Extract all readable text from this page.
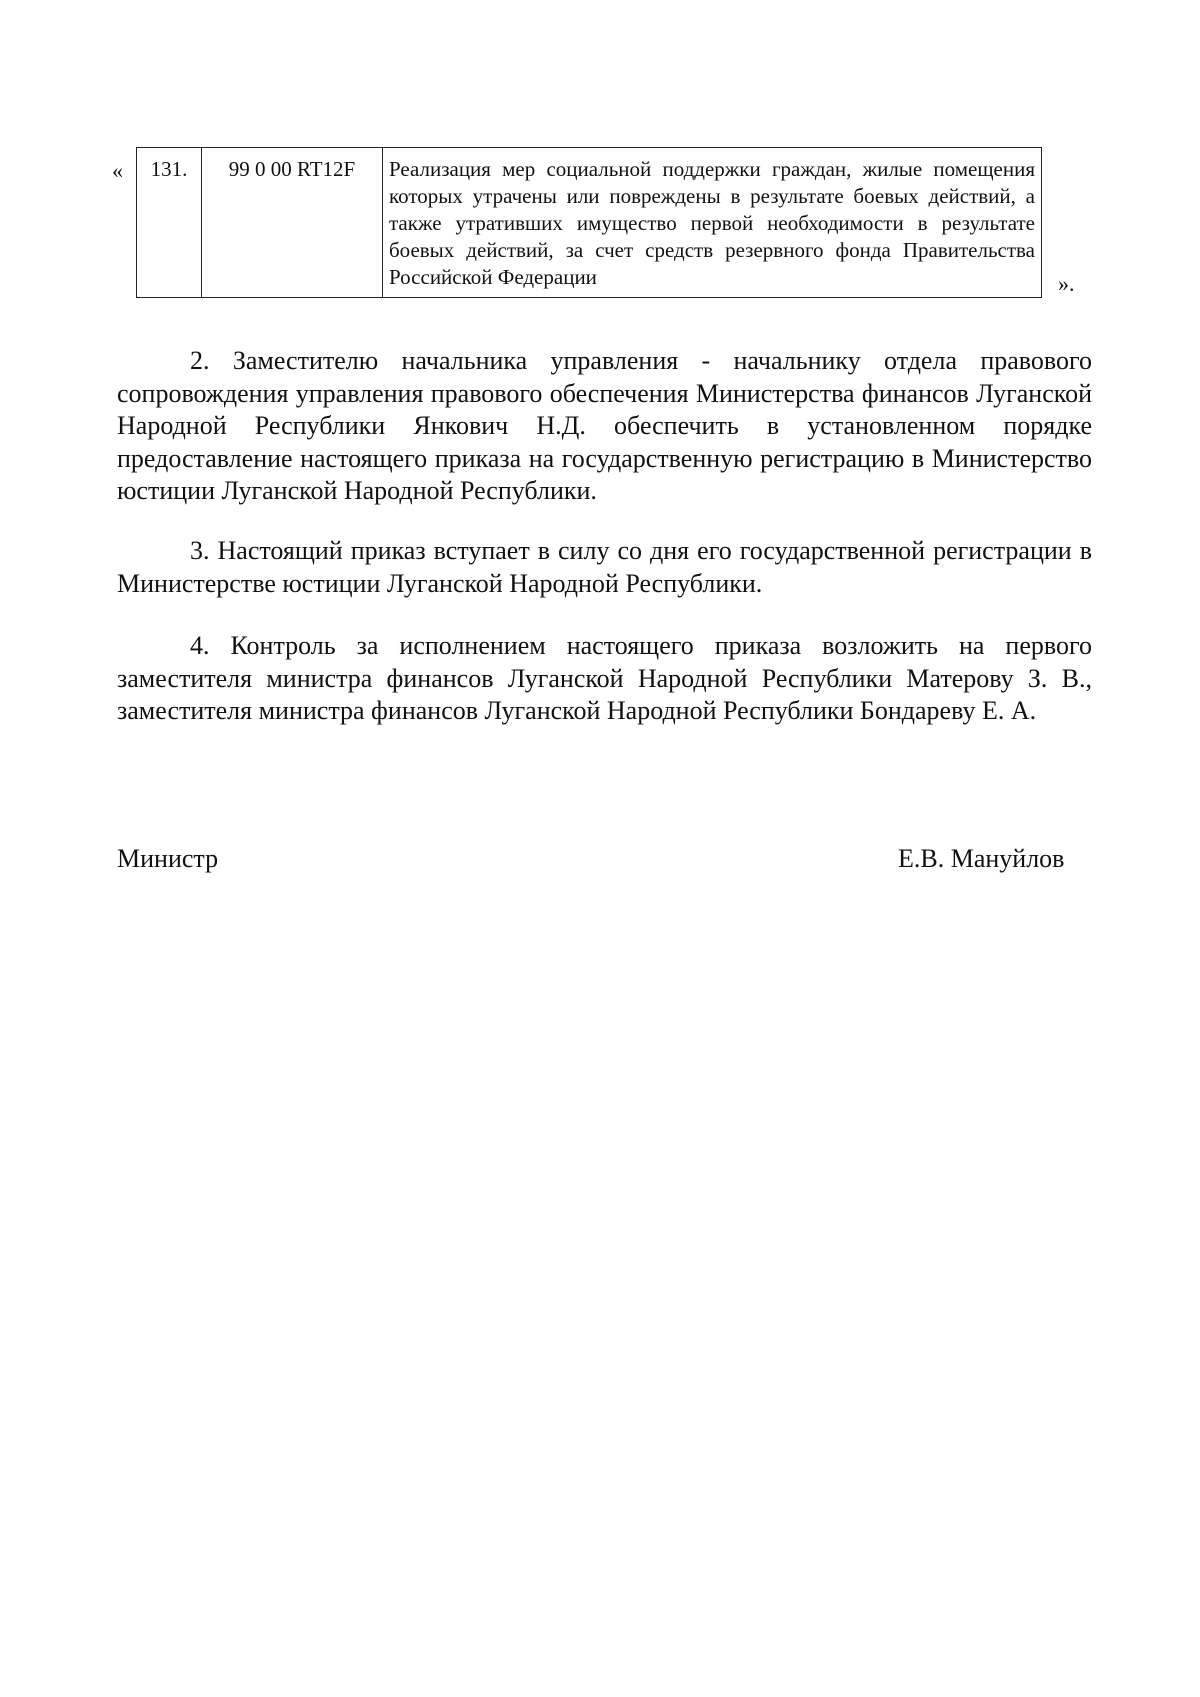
« 131.	99 0 00 RT12F	Реализация мер социальной поддержки граждан, жилые помещения которых утрачены или повреждены в результате боевых действий, а также утративших имущество первой необходимости в результате боевых действий, за счет средств резервного фонда Правительства Российской Федерации	».

2. Заместителю начальника управления - начальнику отдела правового сопровождения управления правового обеспечения Министерства финансов Луганской Народной Республики Янкович Н.Д. обеспечить в установленном порядке предоставление настоящего приказа на государственную регистрацию в Министерство юстиции Луганской Народной Республики.

3. Настоящий приказ вступает в силу со дня его государственной регистрации в Министерстве юстиции Луганской Народной Республики.

4. Контроль за исполнением настоящего приказа возложить на первого заместителя министра финансов Луганской Народной Республики Матерову З. В., заместителя министра финансов Луганской Народной Республики Бондареву Е. А.

Министр	Е.В. Мануйлов
